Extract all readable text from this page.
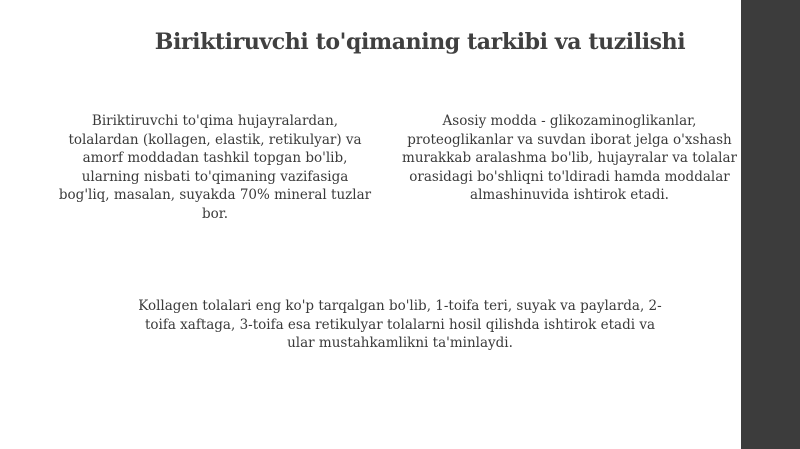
Biriktiruvchi to'qimaning tarkibi va tuzilishi

Biriktiruvchi to'qima hujayralardan, tolalardan (kollagen, elastik, retikulyar) va amorf moddadan tashkil topgan bo'lib, ularning nisbati to'qimaning vazifasiga bog'liq, masalan, suyakda 70% mineral tuzlar bor.

Asosiy modda - glikozaminoglikanlar, proteoglikanlar va suvdan iborat jelga o'xshash murakkab aralashma bo'lib, hujayralar va tolalar orasidagi bo'shliqni to'ldiradi hamda moddalar almashinuvida ishtirok etadi.

Kollagen tolalari eng ko'p tarqalgan bo'lib, 1-toifa teri, suyak va paylarda, 2-toifa xaftaga, 3-toifa esa retikulyar tolalarni hosil qilishda ishtirok etadi va ular mustahkamlikni ta'minlaydi.
